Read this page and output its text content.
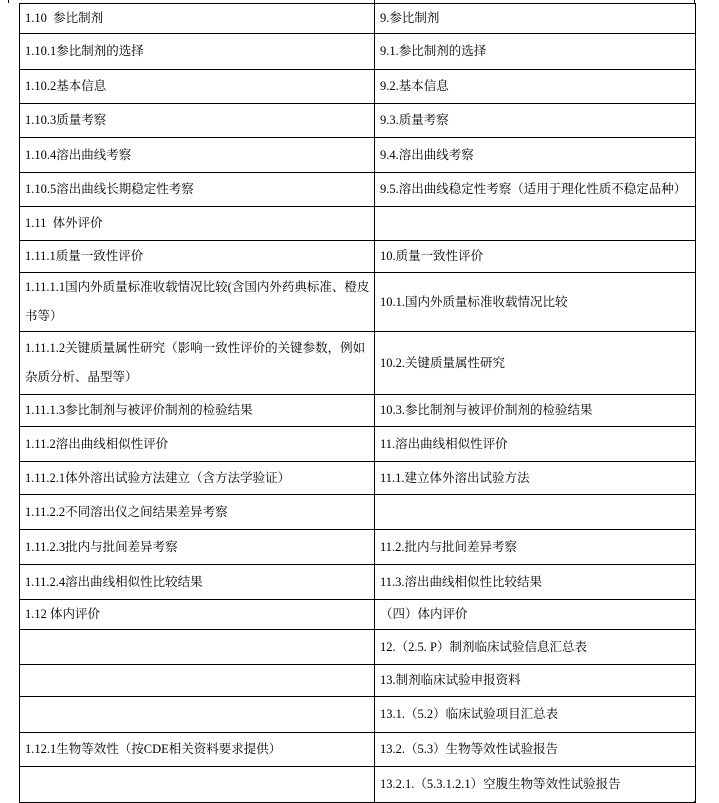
1.10  参比制剂	9.参比制剂
1.10.1参比制剂的选择	9.1.参比制剂的选择
1.10.2基本信息	9.2.基本信息
1.10.3质量考察	9.3.质量考察
1.10.4溶出曲线考察	9.4.溶出曲线考察
1.10.5溶出曲线长期稳定性考察	9.5.溶出曲线稳定性考察（适用于理化性质不稳定品种）
1.11  体外评价	
1.11.1质量一致性评价	10.质量一致性评价
1.11.1.1国内外质量标准收载情况比较(含国内外药典标准、橙皮书等）	10.1.国内外质量标准收载情况比较
1.11.1.2关键质量属性研究（影响一致性评价的关键参数，例如杂质分析、晶型等）	10.2.关键质量属性研究
1.11.1.3参比制剂与被评价制剂的检验结果	10.3.参比制剂与被评价制剂的检验结果
1.11.2溶出曲线相似性评价	11.溶出曲线相似性评价
1.11.2.1体外溶出试验方法建立（含方法学验证）	11.1.建立体外溶出试验方法
1.11.2.2不同溶出仪之间结果差异考察	
1.11.2.3批内与批间差异考察	11.2.批内与批间差异考察
1.11.2.4溶出曲线相似性比较结果	11.3.溶出曲线相似性比较结果
1.12 体内评价	（四）体内评价
	12.（2.5. P）制剂临床试验信息汇总表
	13.制剂临床试验申报资料
	13.1.（5.2）临床试验项目汇总表
1.12.1生物等效性（按CDE相关资料要求提供）	13.2.（5.3）生物等效性试验报告
	13.2.1.（5.3.1.2.1）空腹生物等效性试验报告
